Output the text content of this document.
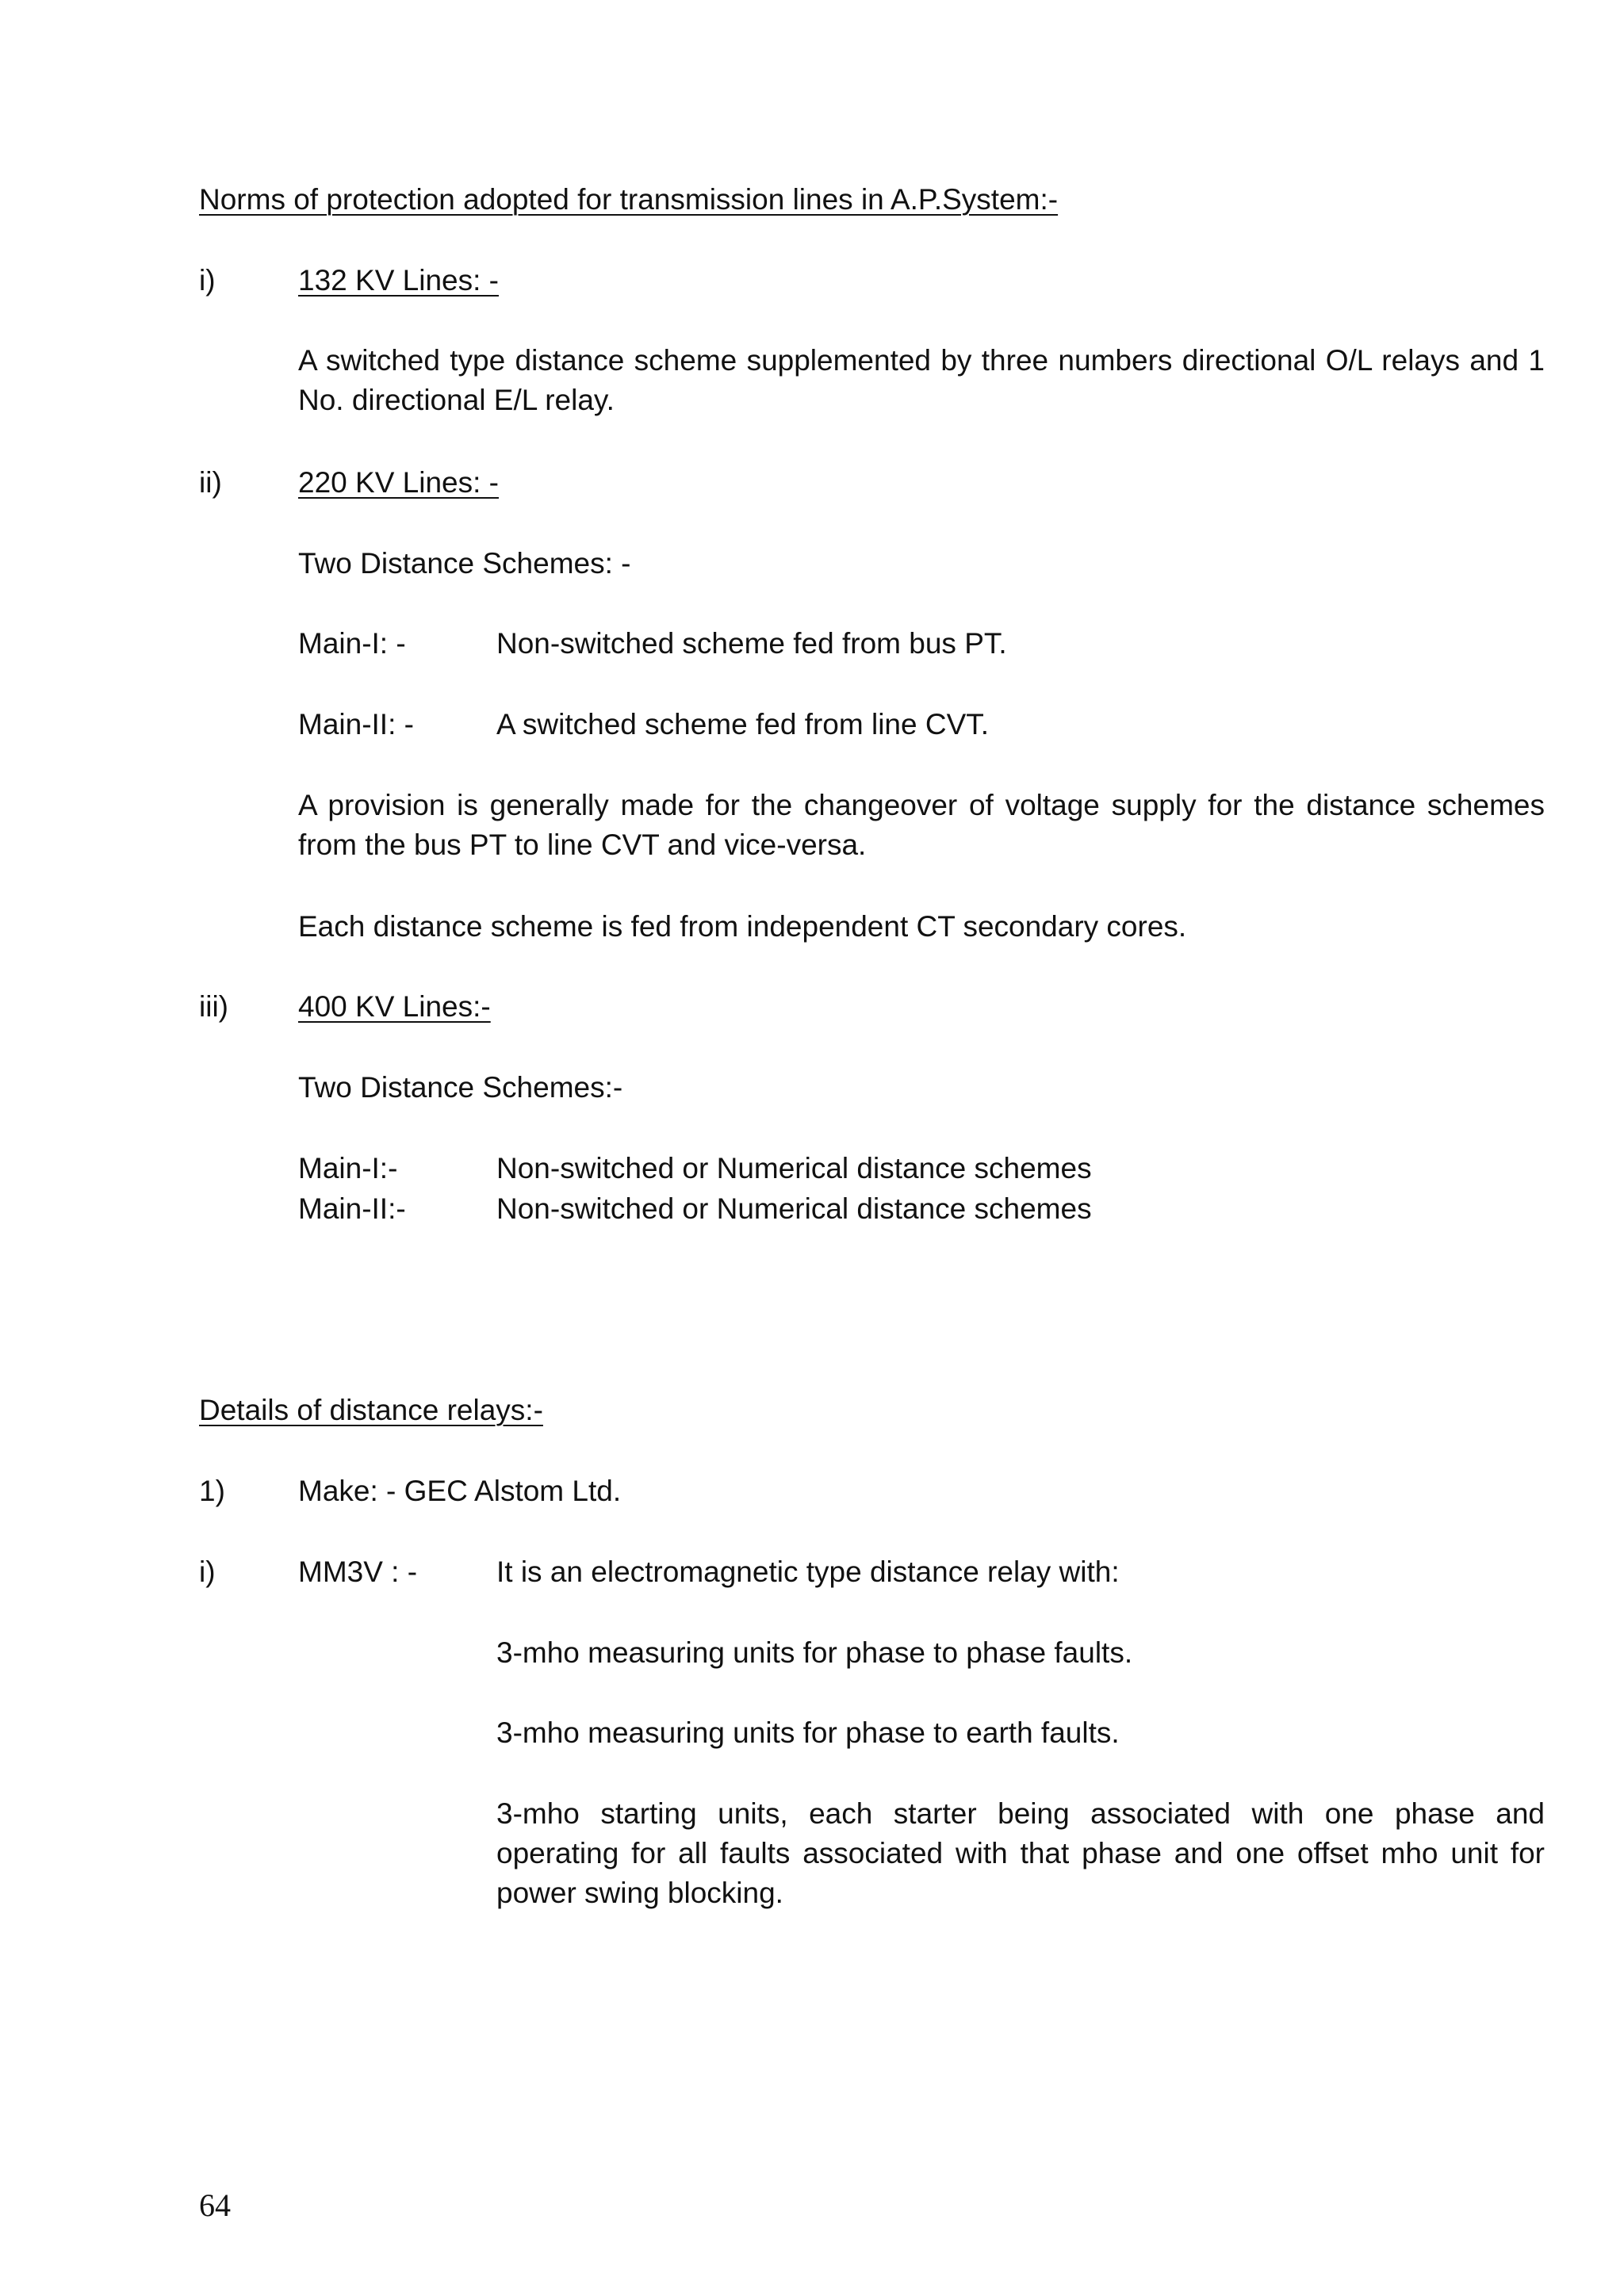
Norms of protection adopted for transmission lines in A.P.System:-
i)	132 KV Lines: -
A switched type distance scheme supplemented by three numbers directional O/L relays and 1 No. directional E/L relay.
ii)	220 KV Lines: -
Two Distance Schemes: -
Main-I: -	Non-switched scheme fed from bus PT.
Main-II: -	A switched scheme fed from line CVT.
A provision is generally made for the changeover of voltage supply for the distance schemes from the bus PT to line CVT and vice-versa.
Each distance scheme is fed from independent CT secondary cores.
iii) 400 KV Lines:-
Two Distance Schemes:-
Main-I:-	Non-switched or Numerical distance schemes
Main-II:-	Non-switched or Numerical distance schemes
Details of distance relays:-
1) Make: - GEC Alstom Ltd.
i)	MM3V : -	It is an electromagnetic type distance relay with:
3-mho measuring units for phase to phase faults.
3-mho measuring units for phase to earth faults.
3-mho starting units, each starter being associated with one phase and operating for all faults associated with that phase and one offset mho unit for power swing blocking.
64
